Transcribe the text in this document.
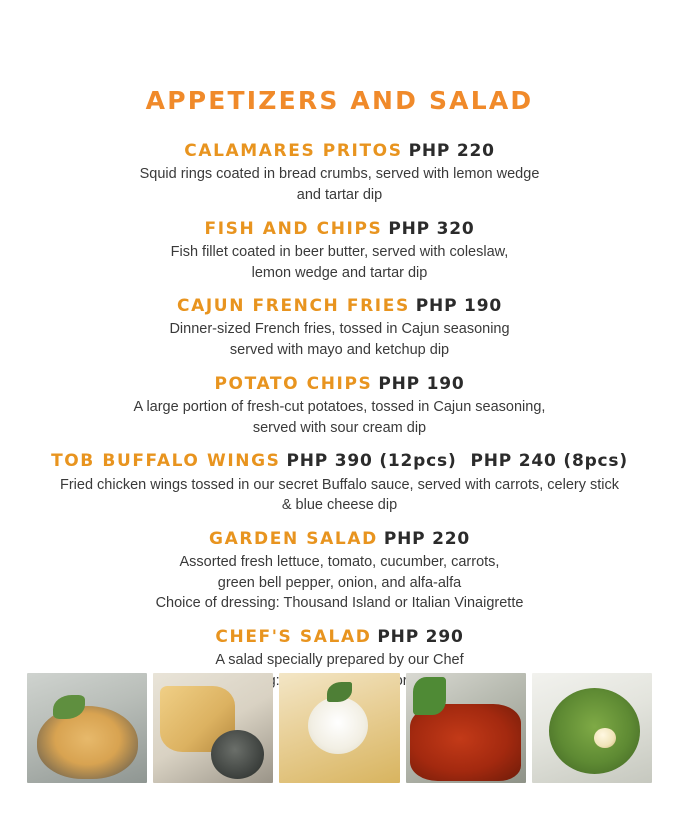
APPETIZERS AND SALAD
CALAMARES PRITOS PHP 220
Squid rings coated in bread crumbs, served with lemon wedge
and tartar dip
FISH AND CHIPS PHP 320
Fish fillet coated in beer butter, served with coleslaw,
lemon wedge and tartar dip
CAJUN FRENCH FRIES PHP 190
Dinner-sized French fries, tossed in Cajun seasoning
served with mayo and ketchup dip
POTATO CHIPS PHP 190
A large portion of fresh-cut potatoes, tossed in Cajun seasoning,
served with sour cream dip
TOB BUFFALO WINGS PHP 390 (12pcs) PHP 240 (8pcs)
Fried chicken wings tossed in our secret Buffalo sauce, served with carrots, celery stick
& blue cheese dip
GARDEN SALAD PHP 220
Assorted fresh lettuce, tomato, cucumber, carrots,
green bell pepper, onion, and alfa-alfa
Choice of dressing: Thousand Island or Italian Vinaigrette
CHEF'S SALAD PHP 290
A salad specially prepared by our Chef
or
